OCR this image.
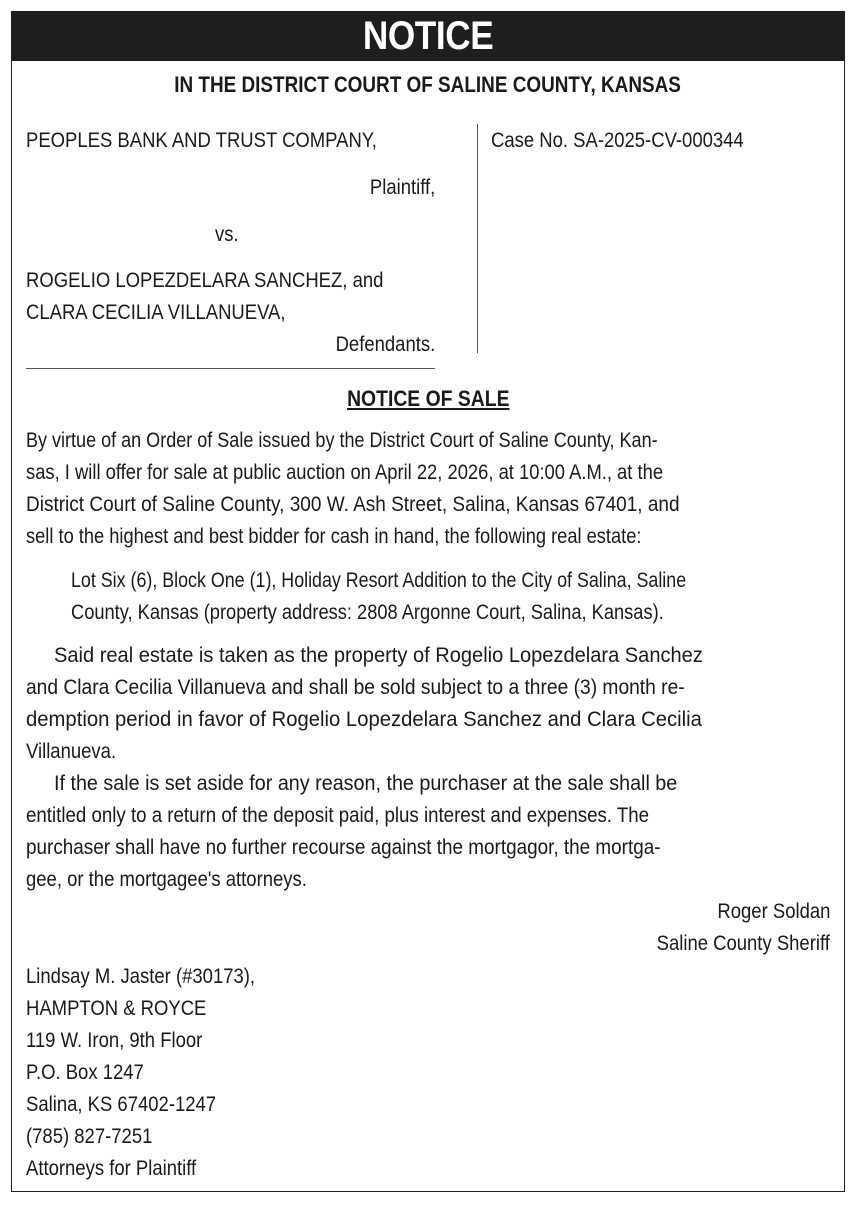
NOTICE
IN THE DISTRICT COURT OF SALINE COUNTY, KANSAS
PEOPLES BANK AND TRUST COMPANY,
Plaintiff,
vs.
ROGELIO LOPEZDELARA SANCHEZ, and
CLARA CECILIA VILLANUEVA,
Defendants.
Case No. SA-2025-CV-000344
NOTICE OF SALE
By virtue of an Order of Sale issued by the District Court of Saline County, Kan-
sas, I will offer for sale at public auction on April 22, 2026, at 10:00 A.M., at the
District Court of Saline County, 300 W. Ash Street, Salina, Kansas 67401, and
sell to the highest and best bidder for cash in hand, the following real estate:
Lot Six (6), Block One (1), Holiday Resort Addition to the City of Salina, Saline
County, Kansas (property address: 2808 Argonne Court, Salina, Kansas).
Said real estate is taken as the property of Rogelio Lopezdelara Sanchez
and Clara Cecilia Villanueva and shall be sold subject to a three (3) month re-
demption period in favor of Rogelio Lopezdelara Sanchez and Clara Cecilia
Villanueva.
If the sale is set aside for any reason, the purchaser at the sale shall be
entitled only to a return of the deposit paid, plus interest and expenses. The
purchaser shall have no further recourse against the mortgagor, the mortga-
gee, or the mortgagee's attorneys.
Roger Soldan
Saline County Sheriff
Lindsay M. Jaster (#30173),
HAMPTON & ROYCE
119 W. Iron, 9th Floor
P.O. Box 1247
Salina, KS 67402-1247
(785) 827-7251
Attorneys for Plaintiff
